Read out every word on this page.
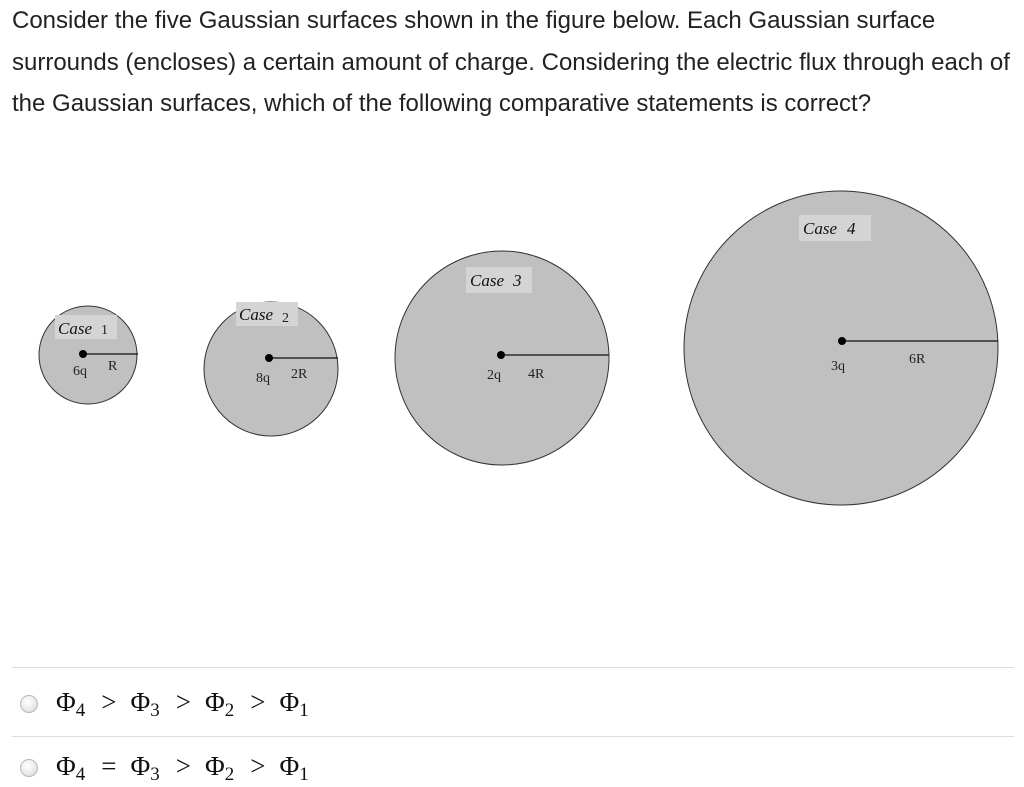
Consider the five Gaussian surfaces shown in the figure below. Each Gaussian surface surrounds (encloses) a certain amount of charge. Considering the electric flux through each of the Gaussian surfaces, which of the following comparative statements is correct?

Case 1
6q R
Case 2
8q 2R
Case 3
2q 4R
Case 4
3q	6R
$\Phi_4 > \Phi_3 > \Phi_2 > \Phi_1$
$\Phi_4 = \Phi_3 > \Phi_2 > \Phi_1$
